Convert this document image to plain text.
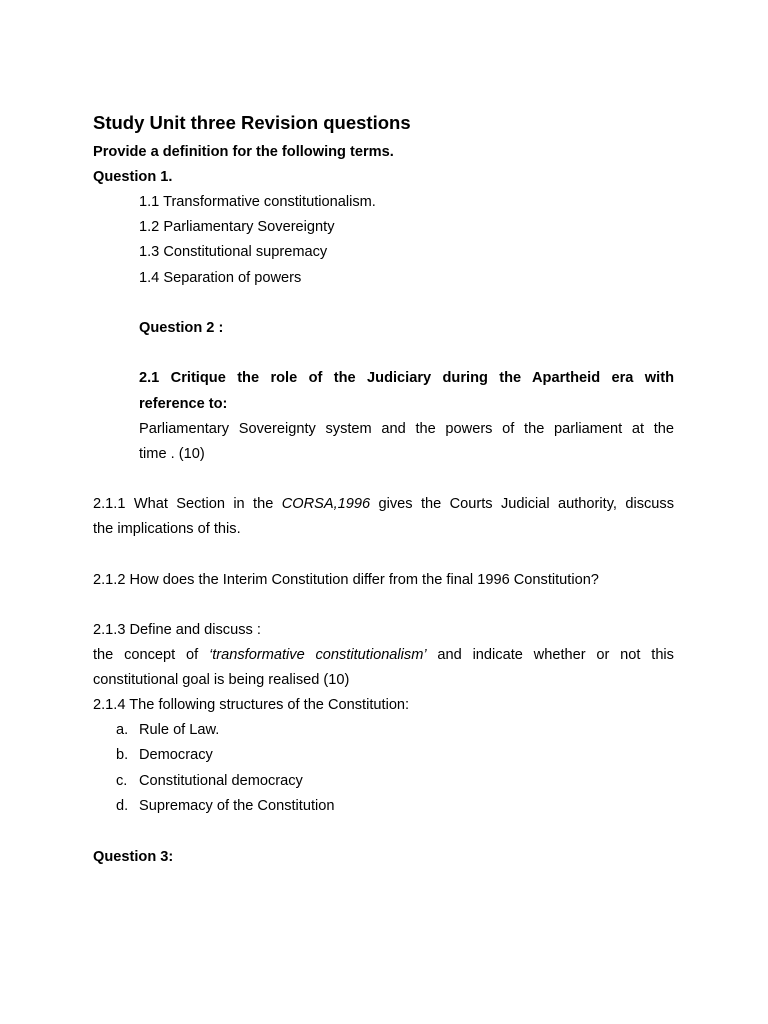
Study Unit three Revision questions
Provide a definition for the following terms.
Question 1.
1.1 Transformative constitutionalism.
1.2 Parliamentary Sovereignty
1.3 Constitutional supremacy
1.4 Separation of powers
Question 2 :
2.1 Critique the role of the Judiciary during the Apartheid era with
reference to:
Parliamentary Sovereignty system and the powers of the parliament at the
time . (10)
2.1.1 What Section in the CORSA,1996 gives the Courts Judicial authority, discuss
the implications of this.
2.1.2 How does the Interim Constitution differ from the final 1996 Constitution?
2.1.3 Define and discuss :
the concept of ‘transformative constitutionalism’ and indicate whether or not this
constitutional goal is being realised (10)
2.1.4 The following structures of the Constitution:
a. Rule of Law.
b. Democracy
c. Constitutional democracy
d. Supremacy of the Constitution
Question 3:
